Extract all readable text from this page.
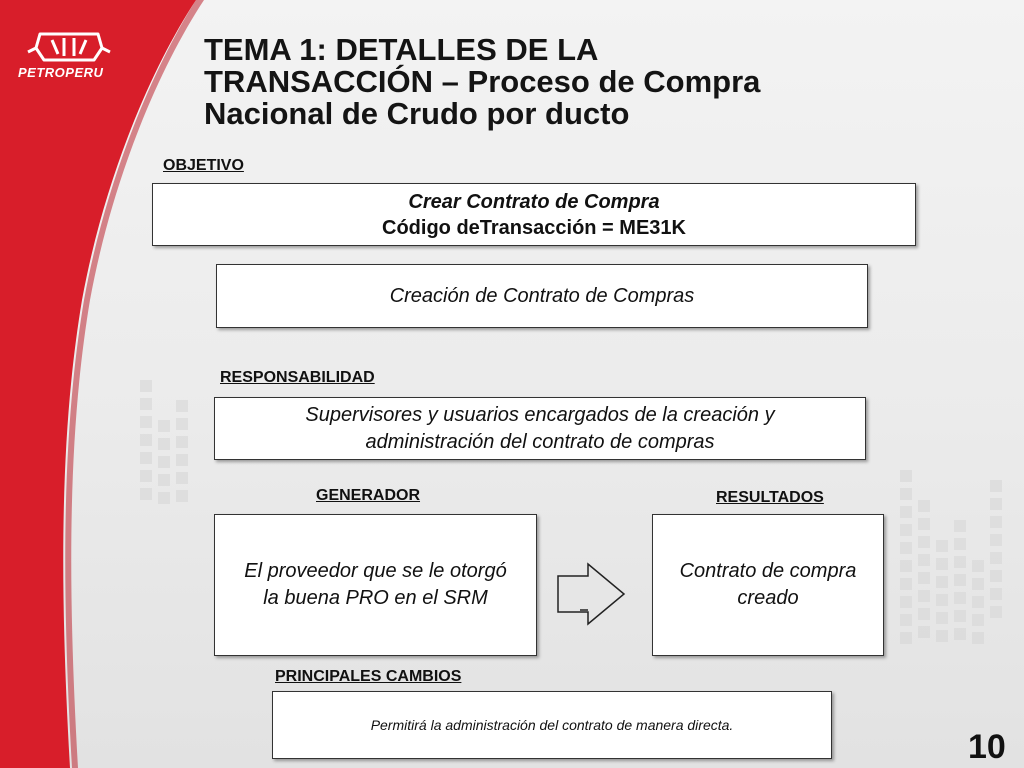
PETROPERU
TEMA 1: DETALLES DE LA
TRANSACCIÓN – Proceso de Compra
Nacional de Crudo por ducto
OBJETIVO
Crear Contrato de Compra
Código deTransacción = ME31K
Creación de Contrato de Compras
RESPONSABILIDAD
Supervisores y usuarios encargados de la creación y
administración del contrato de compras
GENERADOR	RESULTADOS
El proveedor que se le otorgó
la buena PRO en el SRM
Contrato de compra
creado
PRINCIPALES CAMBIOS
Permitirá la administración del contrato de manera directa.
10
